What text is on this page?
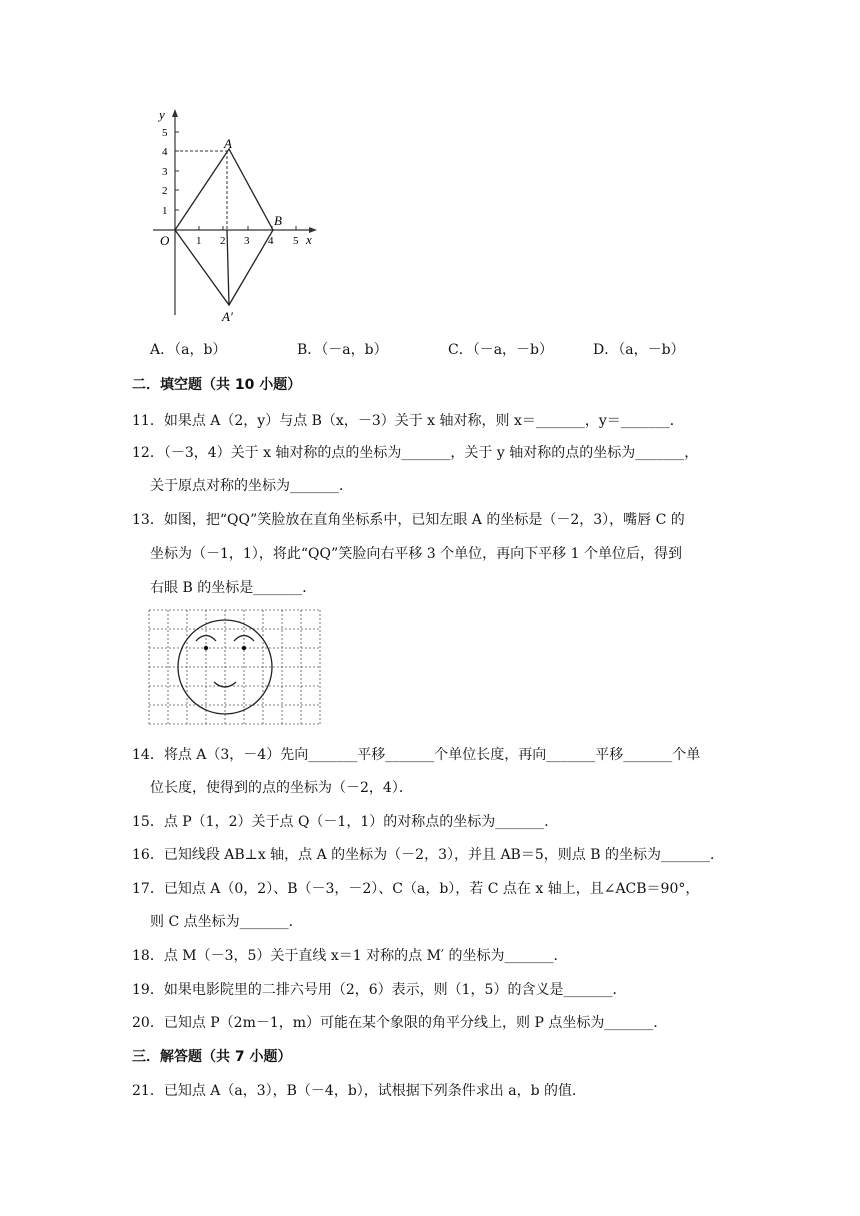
y
x
O
5
4
3
2
1
1 2 3 4 5
A
B
A′
A．（a，b）	B．（－a，b）	C．（－a，－b）	D．（a，－b）
二．填空题（共 10 小题）
11．如果点 A（2，y）与点 B（x，－3）关于 x 轴对称，则 x＝_______，y＝_______．
12．（－3，4）关于 x 轴对称的点的坐标为_______，关于 y 轴对称的点的坐标为_______，
关于原点对称的坐标为_______．
13．如图，把“QQ”笑脸放在直角坐标系中，已知左眼 A 的坐标是（－2，3），嘴唇 C 的
坐标为（－1，1），将此“QQ”笑脸向右平移 3 个单位，再向下平移 1 个单位后，得到
右眼 B 的坐标是_______．
14．将点 A（3，－4）先向_______平移_______个单位长度，再向_______平移_______个单
位长度，使得到的点的坐标为（－2，4）．
15．点 P（1，2）关于点 Q（－1，1）的对称点的坐标为_______．
16．已知线段 AB⊥x 轴，点 A 的坐标为（－2，3），并且 AB＝5，则点 B 的坐标为_______．
17．已知点 A（0，2）、B（－3，－2）、C（a，b），若 C 点在 x 轴上，且∠ACB＝90°，
则 C 点坐标为_______．
18．点 M（－3，5）关于直线 x＝1 对称的点 M′ 的坐标为_______．
19．如果电影院里的二排六号用（2，6）表示，则（1，5）的含义是_______．
20．已知点 P（2m－1，m）可能在某个象限的角平分线上，则 P 点坐标为_______．
三．解答题（共 7 小题）
21．已知点 A（a，3），B（－4，b），试根据下列条件求出 a，b 的值．
